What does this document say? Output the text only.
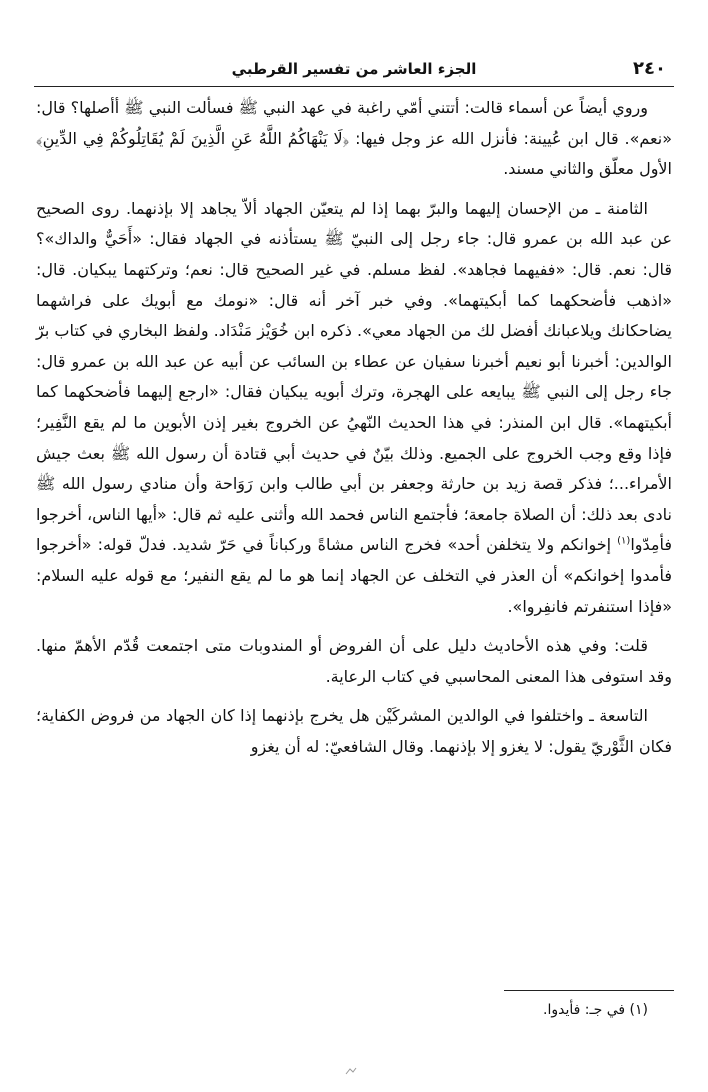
٢٤٠
الجزء العاشر من تفسير القرطبي

وروي أيضاً عن أسماء قالت: أتتني أمّي راغبة في عهد النبي ﷺ فسألت النبي ﷺ أأصلها؟ قال: «نعم». قال ابن عُيينة: فأنزل الله عز وجل فيها: ﴿لَا يَنْهَاكُمُ اللَّهُ عَنِ الَّذِينَ لَمْ يُقَاتِلُوكُمْ فِي الدِّينِ﴾ الأول معلّق والثاني مسند.

الثامنة ـ من الإحسان إليهما والبرّ بهما إذا لم يتعيّن الجهاد ألاّ يجاهد إلا بإذنهما. روى الصحيح عن عبد الله بن عمرو قال: جاء رجل إلى النبيّ ﷺ يستأذنه في الجهاد فقال: «أَحَيٌّ والداك»؟ قال: نعم. قال: «ففيهما فجاهد». لفظ مسلم. في غير الصحيح قال: نعم؛ وتركتهما يبكيان. قال: «اذهب فأضحكهما كما أبكيتهما». وفي خبر آخر أنه قال: «نومك مع أبويك على فراشهما يضاحكانك ويلاعبانك أفضل لك من الجهاد معي». ذكره ابن خُوَيْز مَنْدَاد. ولفظ البخاري في كتاب برّ الوالدين: أخبرنا أبو نعيم أخبرنا سفيان عن عطاء بن السائب عن أبيه عن عبد الله بن عمرو قال: جاء رجل إلى النبي ﷺ يبايعه على الهجرة، وترك أبويه يبكيان فقال: «ارجع إليهما فأضحكهما كما أبكيتهما». قال ابن المنذر: في هذا الحديث النّهيُ عن الخروج بغير إذن الأبوين ما لم يقع النَّفِير؛ فإذا وقع وجب الخروج على الجميع. وذلك بيّنٌ في حديث أبي قتادة أن رسول الله ﷺ بعث جيش الأمراء...؛ فذكر قصة زيد بن حارثة وجعفر بن أبي طالب وابن رَوَاحة وأن منادي رسول الله ﷺ نادى بعد ذلك: أن الصلاة جامعة؛ فأجتمع الناس فحمد الله وأثنى عليه ثم قال: «أيها الناس، أخرجوا فأمِدّوا$^{(١)}$ إخوانكم ولا يتخلفن أحد» فخرج الناس مشاةً وركباناً في حَرّ شديد. فدلّ قوله: «أخرجوا فأمدوا إخوانكم» أن العذر في التخلف عن الجهاد إنما هو ما لم يقع النفير؛ مع قوله عليه السلام: «فإذا استنفرتم فانفِروا».

قلت: وفي هذه الأحاديث دليل على أن الفروض أو المندوبات متى اجتمعت قُدّم الأهمّ منها. وقد استوفى هذا المعنى المحاسبي في كتاب الرعاية.

التاسعة ـ واختلفوا في الوالدين المشركَيْن هل يخرج بإذنهما إذا كان الجهاد من فروض الكفاية؛ فكان الثَّوْريّ يقول: لا يغزو إلا بإذنهما. وقال الشافعيّ: له أن يغزو

(١) في جـ: فأيدوا.
